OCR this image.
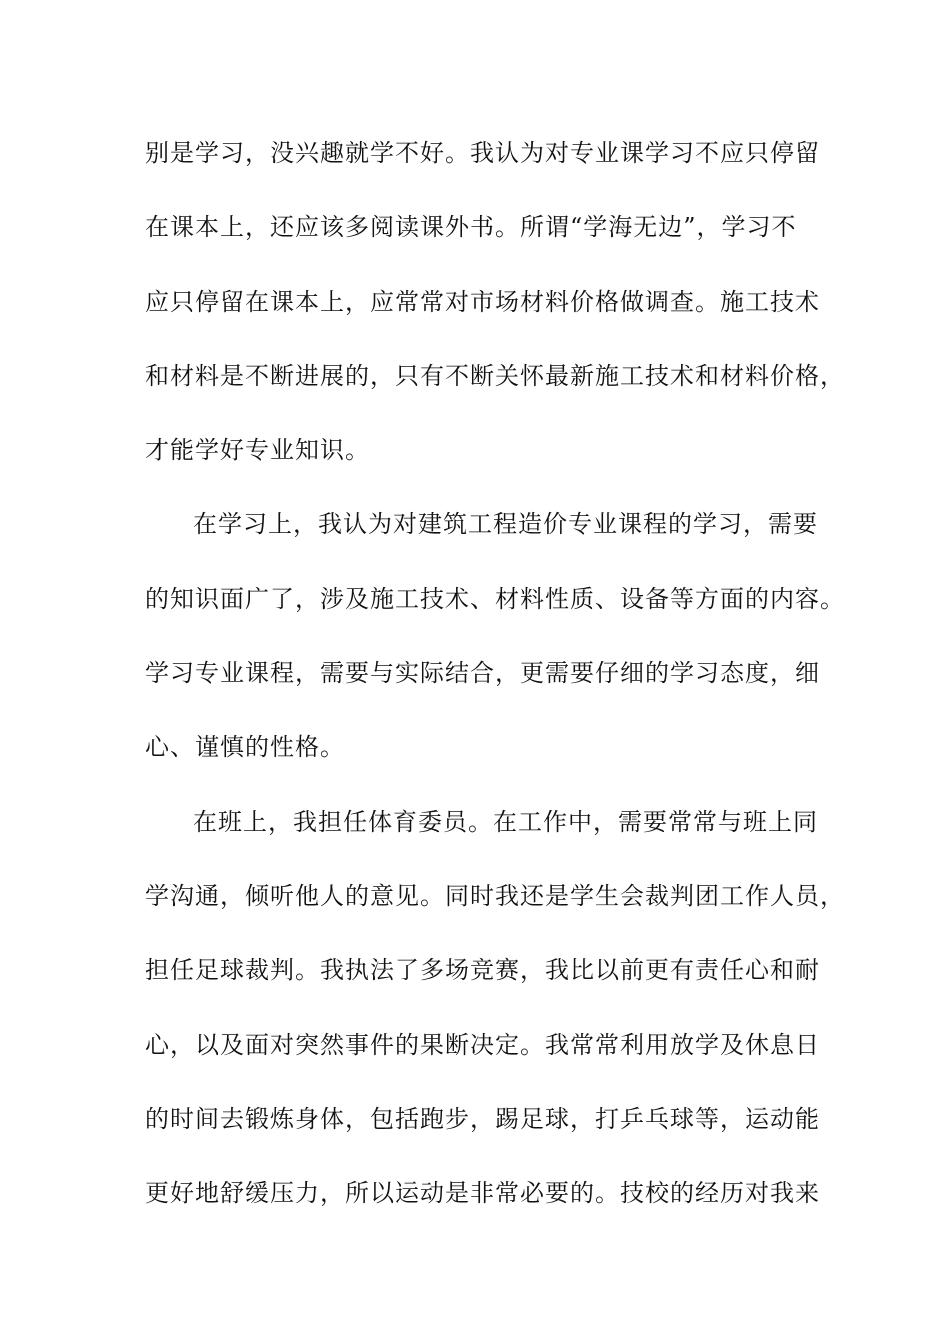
别是学习，没兴趣就学不好。我认为对专业课学习不应只停留
在课本上，还应该多阅读课外书。所谓“学海无边”，学习不
应只停留在课本上，应常常对市场材料价格做调查。施工技术
和材料是不断进展的，只有不断关怀最新施工技术和材料价格，
才能学好专业知识。
在学习上，我认为对建筑工程造价专业课程的学习，需要
的知识面广了，涉及施工技术、材料性质、设备等方面的内容。
学习专业课程，需要与实际结合，更需要仔细的学习态度，细
心、谨慎的性格。
在班上，我担任体育委员。在工作中，需要常常与班上同
学沟通，倾听他人的意见。同时我还是学生会裁判团工作人员，
担任足球裁判。我执法了多场竞赛，我比以前更有责任心和耐
心，以及面对突然事件的果断决定。我常常利用放学及休息日
的时间去锻炼身体，包括跑步，踢足球，打乒乓球等，运动能
更好地舒缓压力，所以运动是非常必要的。技校的经历对我来
